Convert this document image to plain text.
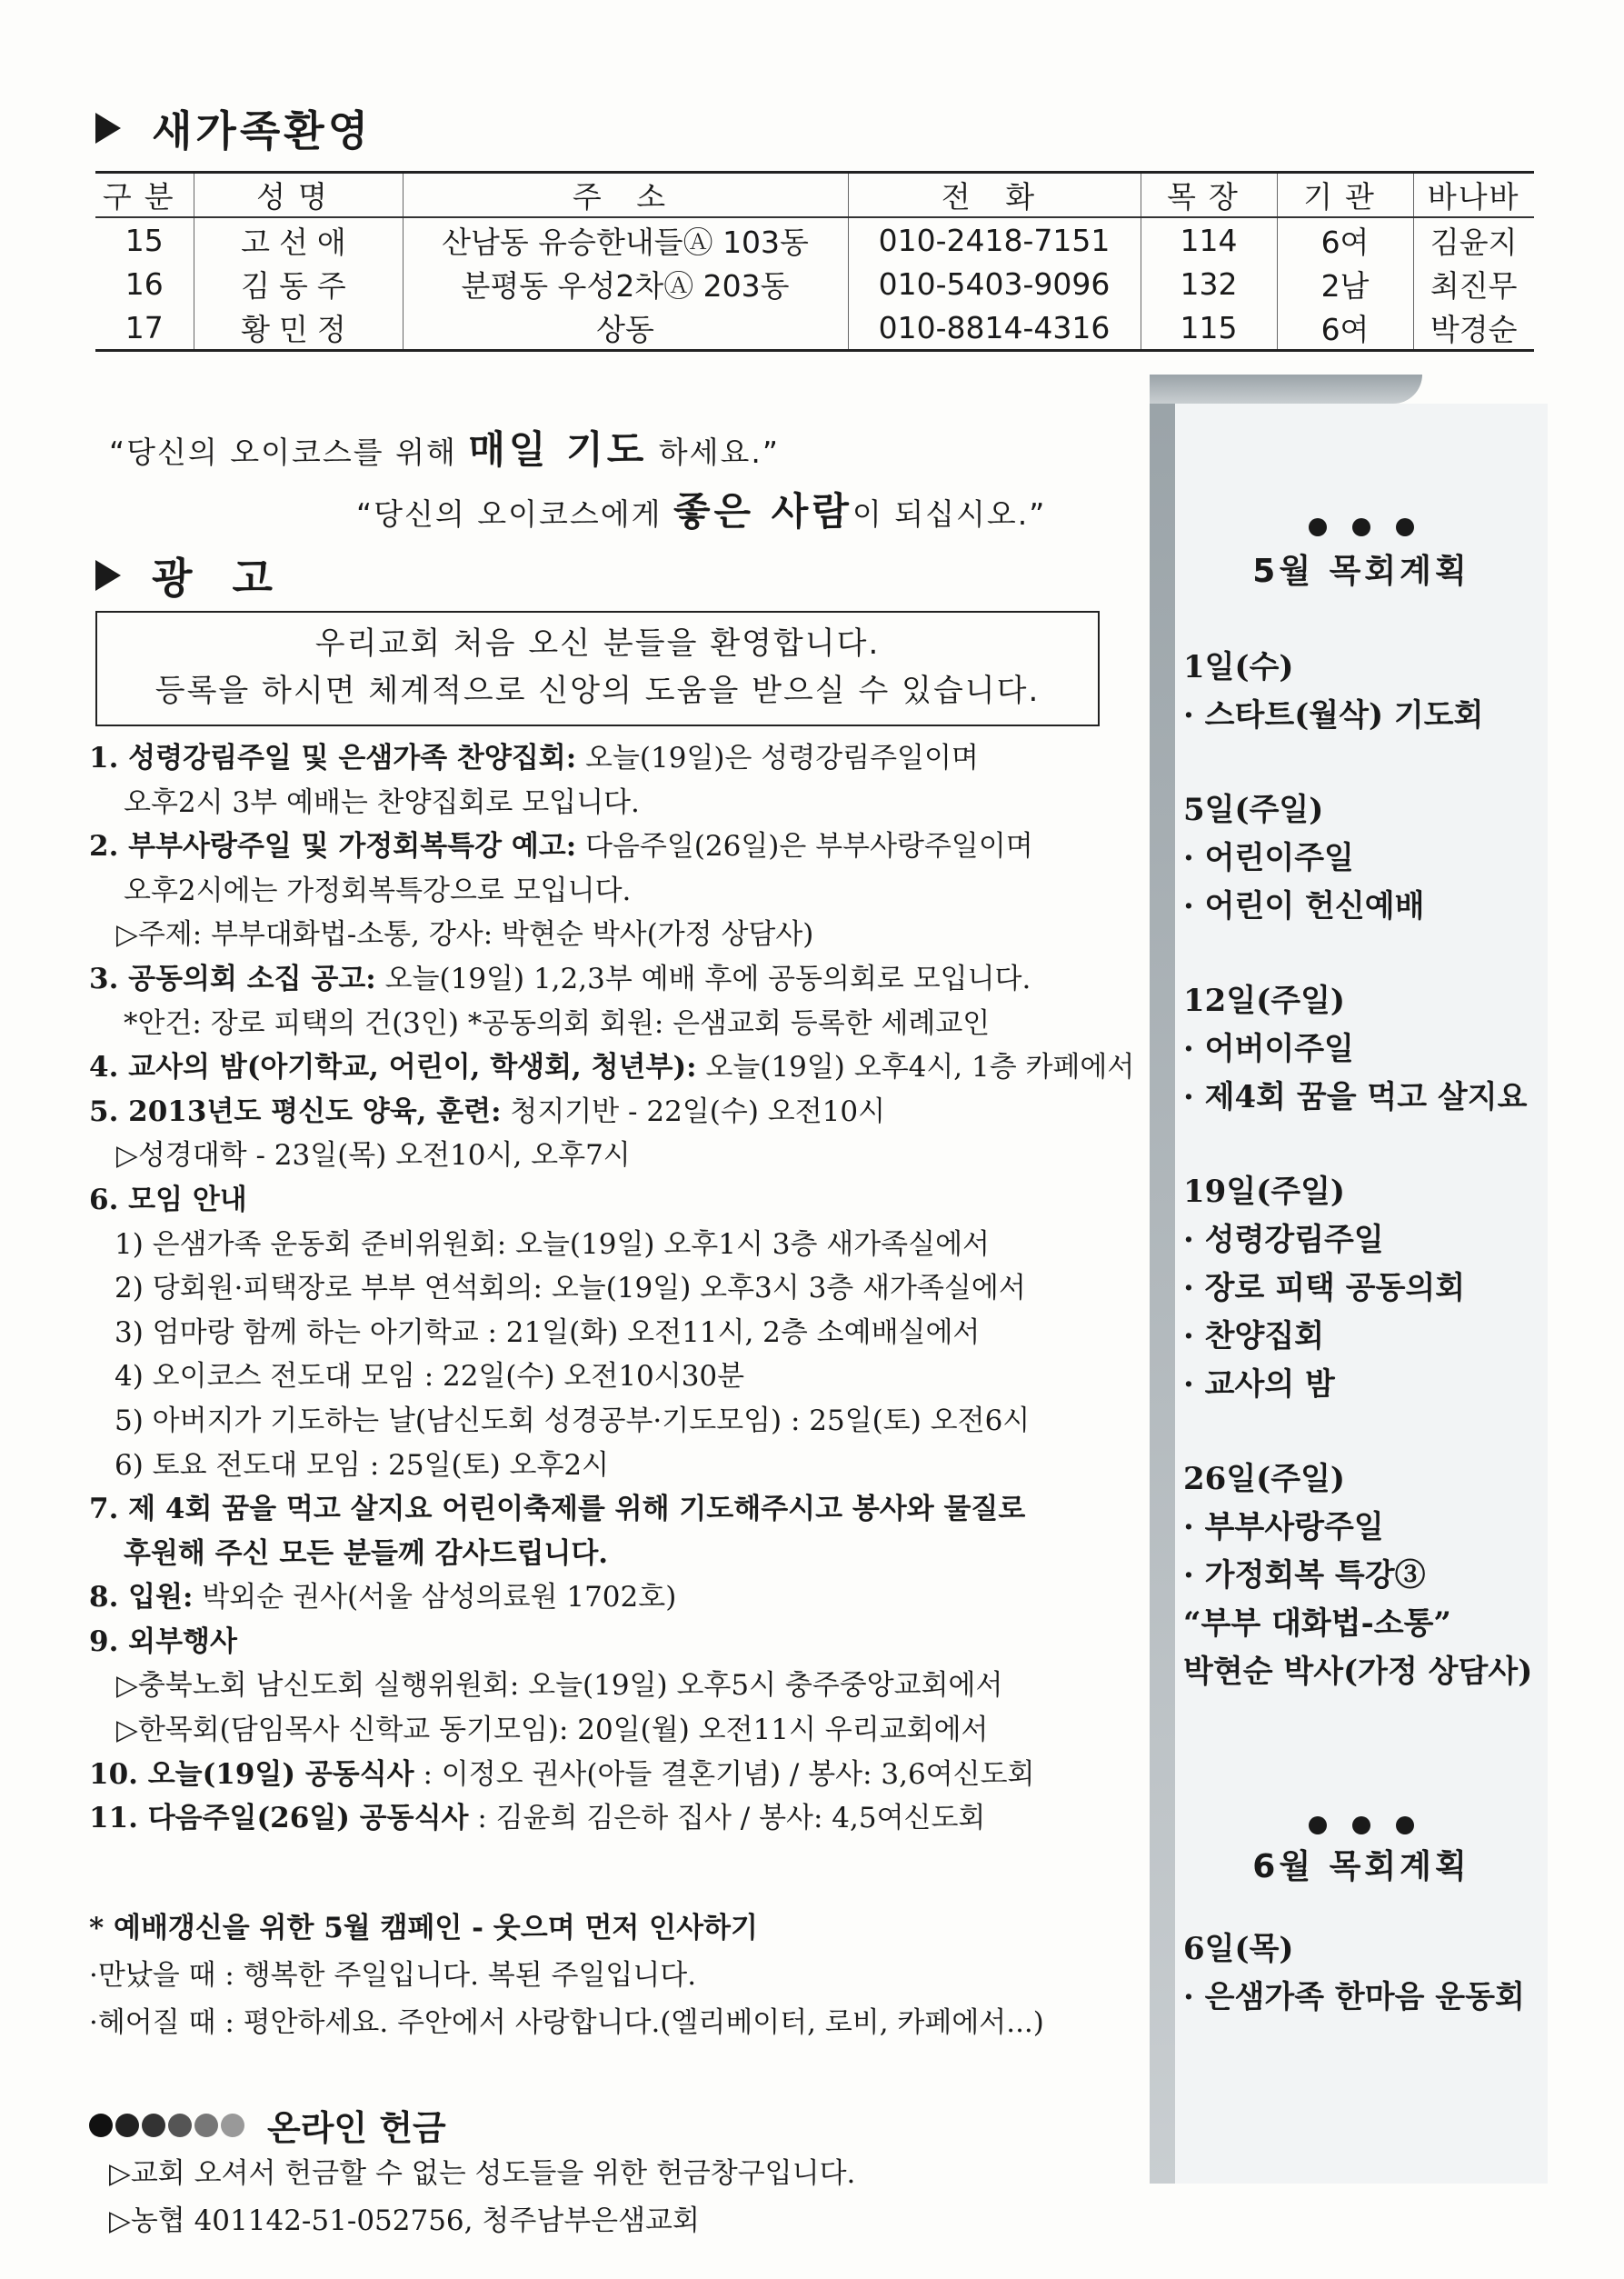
새가족환영
구분	성명	주 소	전 화	목장	기관	바나바
15	고선애	산남동 유승한내들Ⓐ 103동	010-2418-7151	114	6여	김윤지
16	김동주	분평동 우성2차Ⓐ 203동	010-5403-9096	132	2남	최진무
17	황민정	상동	010-8814-4316	115	6여	박경순
“당신의 오이코스를 위해 매일 기도 하세요.”
“당신의 오이코스에게 좋은 사람이 되십시오.”
광 고
우리교회 처음 오신 분들을 환영합니다.
등록을 하시면 체계적으로 신앙의 도움을 받으실 수 있습니다.
1. 성령강림주일 및 은샘가족 찬양집회: 오늘(19일)은 성령강림주일이며
오후2시 3부 예배는 찬양집회로 모입니다.
2. 부부사랑주일 및 가정회복특강 예고: 다음주일(26일)은 부부사랑주일이며
오후2시에는 가정회복특강으로 모입니다.
▷주제: 부부대화법-소통, 강사: 박현순 박사(가정 상담사)
3. 공동의회 소집 공고: 오늘(19일) 1,2,3부 예배 후에 공동의회로 모입니다.
*안건: 장로 피택의 건(3인) *공동의회 회원: 은샘교회 등록한 세례교인
4. 교사의 밤(아기학교, 어린이, 학생회, 청년부): 오늘(19일) 오후4시, 1층 카페에서
5. 2013년도 평신도 양육, 훈련: 청지기반 - 22일(수) 오전10시
▷성경대학 - 23일(목) 오전10시, 오후7시
6. 모임 안내
1) 은샘가족 운동회 준비위원회: 오늘(19일) 오후1시 3층 새가족실에서
2) 당회원·피택장로 부부 연석회의: 오늘(19일) 오후3시 3층 새가족실에서
3) 엄마랑 함께 하는 아기학교 : 21일(화) 오전11시, 2층 소예배실에서
4) 오이코스 전도대 모임 : 22일(수) 오전10시30분
5) 아버지가 기도하는 날(남신도회 성경공부·기도모임) : 25일(토) 오전6시
6) 토요 전도대 모임 : 25일(토) 오후2시
7. 제 4회 꿈을 먹고 살지요 어린이축제를 위해 기도해주시고 봉사와 물질로
후원해 주신 모든 분들께 감사드립니다.
8. 입원: 박외순 권사(서울 삼성의료원 1702호)
9. 외부행사
▷충북노회 남신도회 실행위원회: 오늘(19일) 오후5시 충주중앙교회에서
▷한목회(담임목사 신학교 동기모임): 20일(월) 오전11시 우리교회에서
10. 오늘(19일) 공동식사 : 이정오 권사(아들 결혼기념) / 봉사: 3,6여신도회
11. 다음주일(26일) 공동식사 : 김윤희 김은하 집사 / 봉사: 4,5여신도회
* 예배갱신을 위한 5월 캠페인 - 웃으며 먼저 인사하기
·만났을 때 : 행복한 주일입니다. 복된 주일입니다.
·헤어질 때 : 평안하세요. 주안에서 사랑합니다.(엘리베이터, 로비, 카페에서...)
온라인 헌금
▷교회 오셔서 헌금할 수 없는 성도들을 위한 헌금창구입니다.
▷농협 401142-51-052756, 청주남부은샘교회
5월 목회계획
1일(수)
· 스타트(월삭) 기도회
5일(주일)
· 어린이주일
· 어린이 헌신예배
12일(주일)
· 어버이주일
· 제4회 꿈을 먹고 살지요
19일(주일)
· 성령강림주일
· 장로 피택 공동의회
· 찬양집회
· 교사의 밤
26일(주일)
· 부부사랑주일
· 가정회복 특강③
“부부 대화법-소통”
박현순 박사(가정 상담사)
6월 목회계획
6일(목)
· 은샘가족 한마음 운동회
